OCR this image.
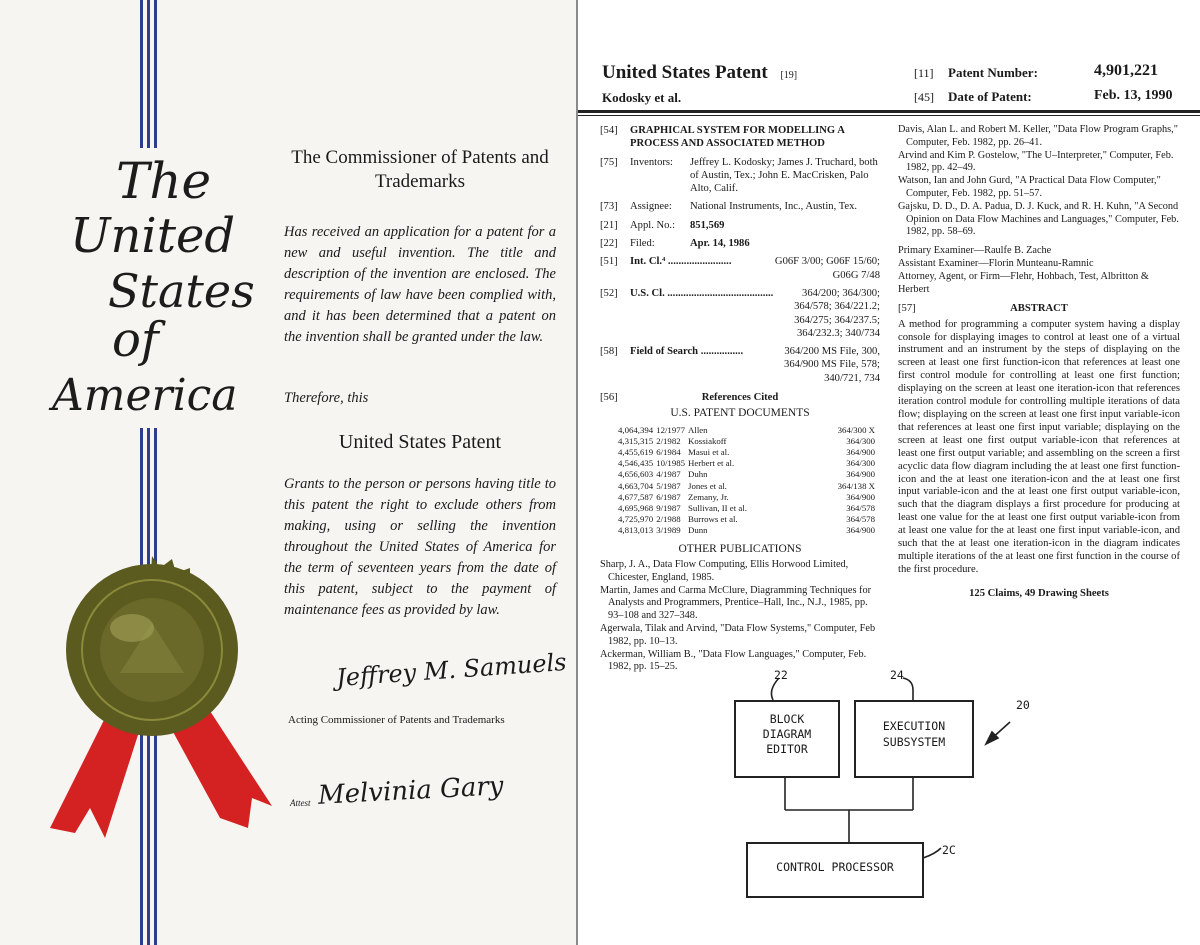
The
United
States
of
America
The Commissioner of Patents and Trademarks
Has received an application for a patent for a new and useful invention. The title and description of the invention are enclosed. The requirements of law have been complied with, and it has been determined that a patent on the invention shall be granted under the law.
Therefore, this
United States Patent
Grants to the person or persons having title to this patent the right to exclude others from making, using or selling the invention throughout the United States of America for the term of seventeen years from the date of this patent, subject to the payment of maintenance fees as provided by law.
Jeffrey M. Samuels
Acting Commissioner of Patents and Trademarks
Attest Melvinia Gary
United States Patent [19]
Kodosky et al.
[11] Patent Number:	4,901,221
[45] Date of Patent:	Feb. 13, 1990
[54] GRAPHICAL SYSTEM FOR MODELLING A PROCESS AND ASSOCIATED METHOD
[75] Inventors: Jeffrey L. Kodosky; James J. Truchard, both of Austin, Tex.; John E. MacCrisken, Palo Alto, Calif.
[73] Assignee: National Instruments, Inc., Austin, Tex.
[21] Appl. No.: 851,569
[22] Filed:	Apr. 14, 1986
[51] Int. Cl.⁴ ........................	G06F 3/00; G06F 15/60; G06G 7/48
[52] U.S. Cl. ........................................	364/200; 364/300; 364/578; 364/221.2; 364/275; 364/237.5; 364/232.3; 340/734
[58] Field of Search ................	364/200 MS File, 300, 364/900 MS File, 578; 340/721, 734
[56]	References Cited
U.S. PATENT DOCUMENTS
4,064,394	12/1977	Allen	364/300 X
4,315,315	2/1982	Kossiakoff	364/300
4,455,619	6/1984	Masui et al.	364/900
4,546,435	10/1985	Herbert et al.	364/300
4,656,603	4/1987	Duhn	364/900
4,663,704	5/1987	Jones et al.	364/138 X
4,677,587	6/1987	Zemany, Jr.	364/900
4,695,968	9/1987	Sullivan, II et al.	364/578
4,725,970	2/1988	Burrows et al.	364/578
4,813,013	3/1989	Dunn	364/900
OTHER PUBLICATIONS

Sharp, J. A., Data Flow Computing, Ellis Horwood Limited, Chicester, England, 1985.

Martin, James and Carma McClure, Diagramming Techniques for Analysts and Programmers, Prentice–Hall, Inc., N.J., 1985, pp. 93–108 and 327–348.

Agerwala, Tilak and Arvind, "Data Flow Systems," Computer, Feb 1982, pp. 10–13.

Ackerman, William B., "Data Flow Languages," Computer, Feb. 1982, pp. 15–25.

Davis, Alan L. and Robert M. Keller, "Data Flow Program Graphs," Computer, Feb. 1982, pp. 26–41.

Arvind and Kim P. Gostelow, "The U–Interpreter," Computer, Feb. 1982, pp. 42–49.

Watson, Ian and John Gurd, "A Practical Data Flow Computer," Computer, Feb. 1982, pp. 51–57.

Gajsku, D. D., D. A. Padua, D. J. Kuck, and R. H. Kuhn, "A Second Opinion on Data Flow Machines and Languages," Computer, Feb. 1982, pp. 58–69.

Primary Examiner—Raulfe B. Zache
Assistant Examiner—Florin Munteanu-Ramnic
Attorney, Agent, or Firm—Flehr, Hohbach, Test, Albritton & Herbert
[57]	ABSTRACT

A method for programming a computer system having a display console for displaying images to control at least one of a virtual instrument and an instrument by the steps of displaying on the screen at least one first function-icon that references at least one first control module for controlling at least one first function; displaying on the screen at least one iteration-icon that references iteration control module for controlling multiple iterations of data flow; displaying on the screen at least one first input variable-icon that references at least one first input variable; displaying on the screen at least one first output variable-icon that references at least one first output variable; and assembling on the screen a first acyclic data flow diagram including the at least one first function-icon and the at least one iteration-icon and the at least one first input variable-icon and the at least one first output variable-icon, such that the diagram displays a first procedure for producing at least one value for the at least one first output variable-icon from at least one value for the at least one first input variable-icon, and such that the at least one iteration-icon in the diagram indicates multiple iterations of the at least one first function in the course of the first procedure.

125 Claims, 49 Drawing Sheets
22	24
20
2C
BLOCK
DIAGRAM
EDITOR
EXECUTION
SUBSYSTEM
CONTROL PROCESSOR
